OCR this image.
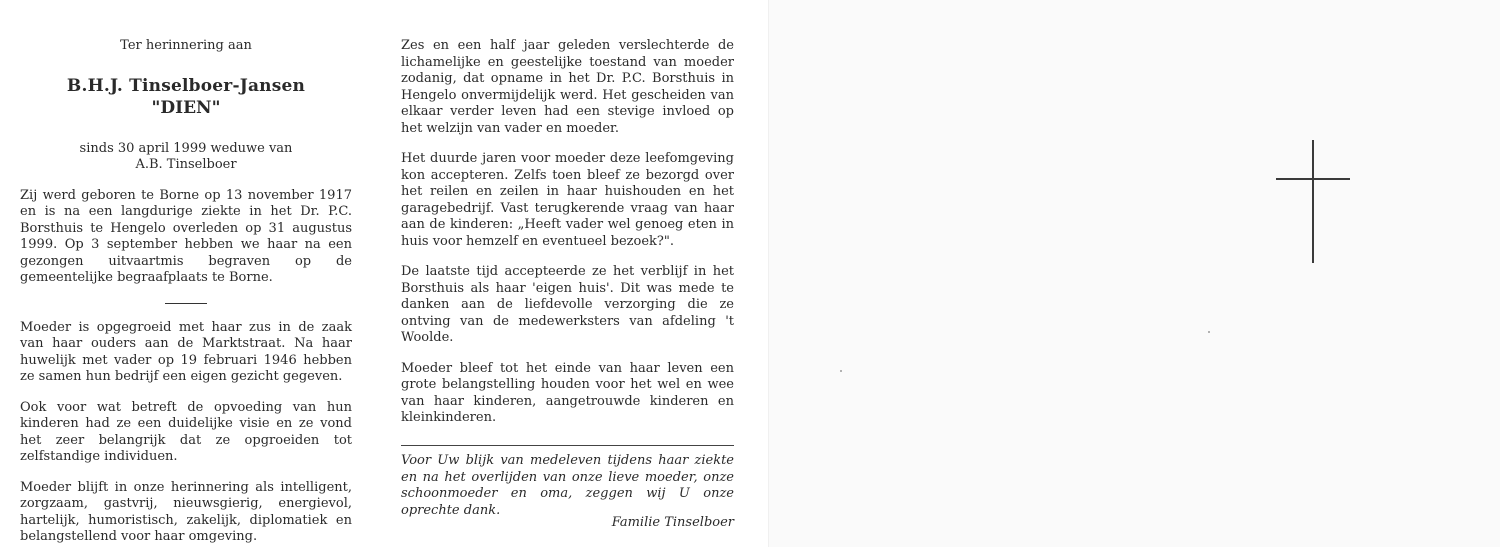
Ter herinnering aan

B.H.J. Tinselboer-Jansen

"DIEN"

sinds 30 april 1999 weduwe van

A.B. Tinselboer

Zij werd geboren te Borne op 13 november 1917 en is na een langdurige ziekte in het Dr. P.C. Borsthuis te Hengelo overleden op 31 augustus 1999. Op 3 september hebben we haar na een gezongen uitvaartmis begraven op de gemeentelijke begraafplaats te Borne.

Moeder is opgegroeid met haar zus in de zaak van haar ouders aan de Marktstraat. Na haar huwelijk met vader op 19 februari 1946 hebben ze samen hun bedrijf een eigen gezicht gegeven.

Ook voor wat betreft de opvoeding van hun kinderen had ze een duidelijke visie en ze vond het zeer belangrijk dat ze opgroeiden tot zelfstandige individuen.

Moeder blijft in onze herinnering als intelligent, zorgzaam, gastvrij, nieuwsgierig, energievol, hartelijk, humoristisch, zakelijk, diplomatiek en belangstellend voor haar omgeving.

Zes en een half jaar geleden verslechterde de lichamelijke en geestelijke toestand van moeder zodanig, dat opname in het Dr. P.C. Borsthuis in Hengelo onvermijdelijk werd. Het gescheiden van elkaar verder leven had een stevige invloed op het welzijn van vader en moeder.

Het duurde jaren voor moeder deze leefomgeving kon accepteren. Zelfs toen bleef ze bezorgd over het reilen en zeilen in haar huishouden en het garagebedrijf. Vast terugkerende vraag van haar aan de kinderen: „Heeft vader wel genoeg eten in huis voor hemzelf en eventueel bezoek?".

De laatste tijd accepteerde ze het verblijf in het Borsthuis als haar 'eigen huis'. Dit was mede te danken aan de liefdevolle verzorging die ze ontving van de medewerksters van afdeling 't Woolde.

Moeder bleef tot het einde van haar leven een grote belangstelling houden voor het wel en wee van haar kinderen, aangetrouwde kinderen en kleinkinderen.

Voor Uw blijk van medeleven tijdens haar ziekte en na het overlijden van onze lieve moeder, onze schoonmoeder en oma, zeggen wij U onze oprechte dank.

Familie Tinselboer
